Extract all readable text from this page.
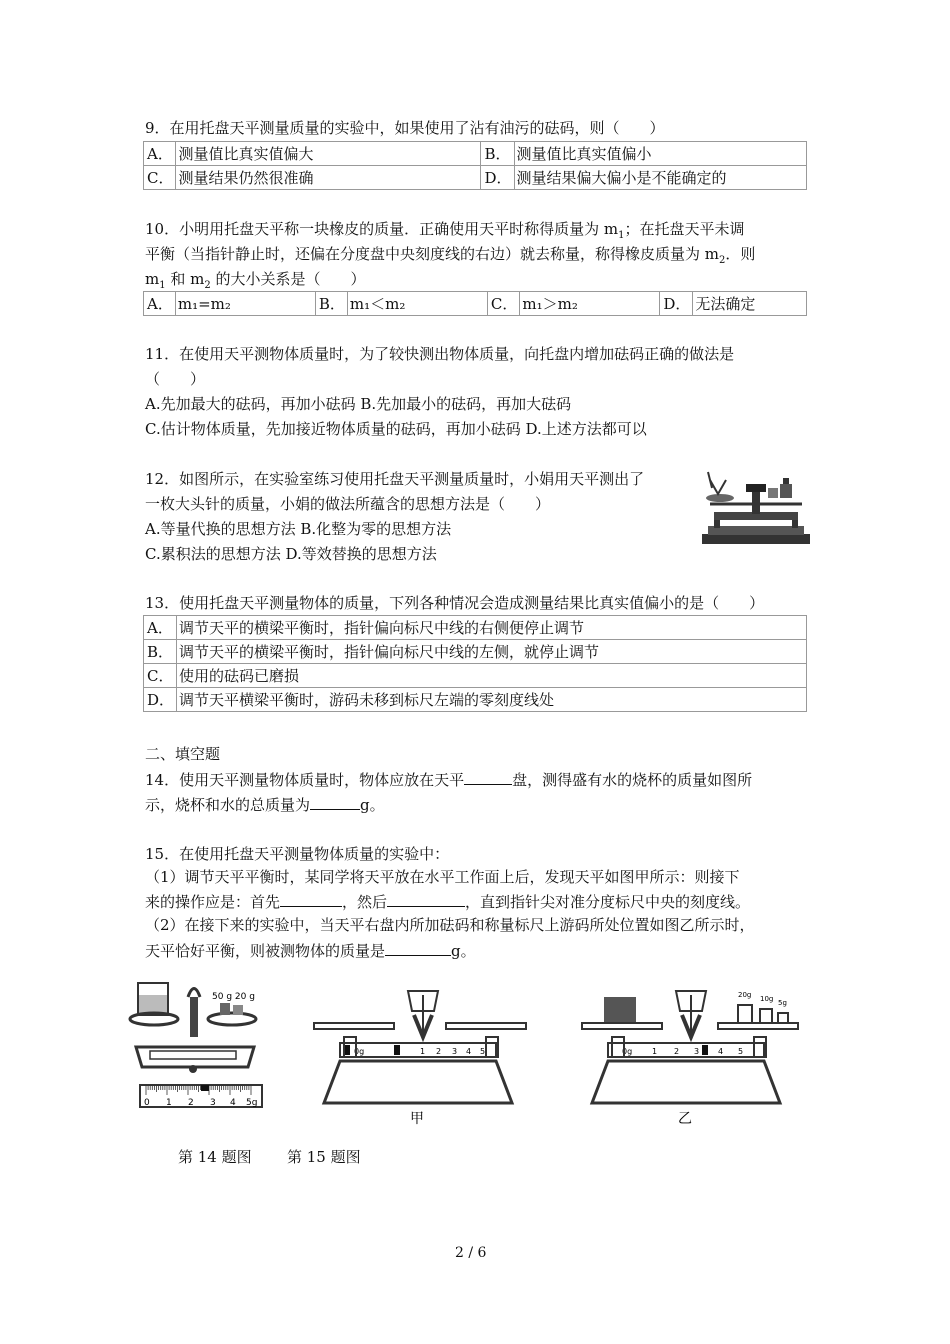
9．在用托盘天平测量质量的实验中，如果使用了沾有油污的砝码，则（　　）
A．	测量值比真实值偏大	B．	测量值比真实值偏小
C．	测量结果仍然很准确	D．	测量结果偏大偏小是不能确定的
10．小明用托盘天平称一块橡皮的质量．正确使用天平时称得质量为 $m_1$；在托盘天平未调
平衡（当指针静止时，还偏在分度盘中央刻度线的右边）就去称量，称得橡皮质量为 $m_2$．则
$m_1$ 和 $m_2$ 的大小关系是（　　）
A．	m₁=m₂	B．	m₁＜m₂	C．	m₁＞m₂	D．	无法确定
11．在使用天平测物体质量时，为了较快测出物体质量，向托盘内增加砝码正确的做法是
（　　）
A.先加最大的砝码，再加小砝码 B.先加最小的砝码，再加大砝码
C.估计物体质量，先加接近物体质量的砝码，再加小砝码 D.上述方法都可以
12．如图所示，在实验室练习使用托盘天平测量质量时，小娟用天平测出了
一枚大头针的质量，小娟的做法所蕴含的思想方法是（　　）
A.等量代换的思想方法 B.化整为零的思想方法
C.累积法的思想方法 D.等效替换的思想方法
13．使用托盘天平测量物体的质量，下列各种情况会造成测量结果比真实值偏小的是（　　）
A．	调节天平的横梁平衡时，指针偏向标尺中线的右侧便停止调节
B．	调节天平的横梁平衡时，指针偏向标尺中线的左侧，就停止调节
C．	使用的砝码已磨损
D．	调节天平横梁平衡时，游码未移到标尺左端的零刻度线处
二、填空题
14．使用天平测量物体质量时，物体应放在天平	盘，测得盛有水的烧杯的质量如图所
示，烧杯和水的总质量为	g。
15．在使用托盘天平测量物体质量的实验中：
（1）调节天平平衡时，某同学将天平放在水平工作面上后，发现天平如图甲所示：则接下
来的操作应是：首先	，然后	，直到指针尖对准分度标尺中央的刻度线。
（2）在接下来的实验中，当天平右盘内所加砝码和称量标尺上游码所处位置如图乙所示时，
天平恰好平衡，则被测物体的质量是	g。
50 g 20 g
0 1 2 3 4 5g
0g	1 2 3 4 5
甲
20g 10g 5g
0g 1 2 3 4 5
乙
第 14 题图 第 15 题图
2 / 6
